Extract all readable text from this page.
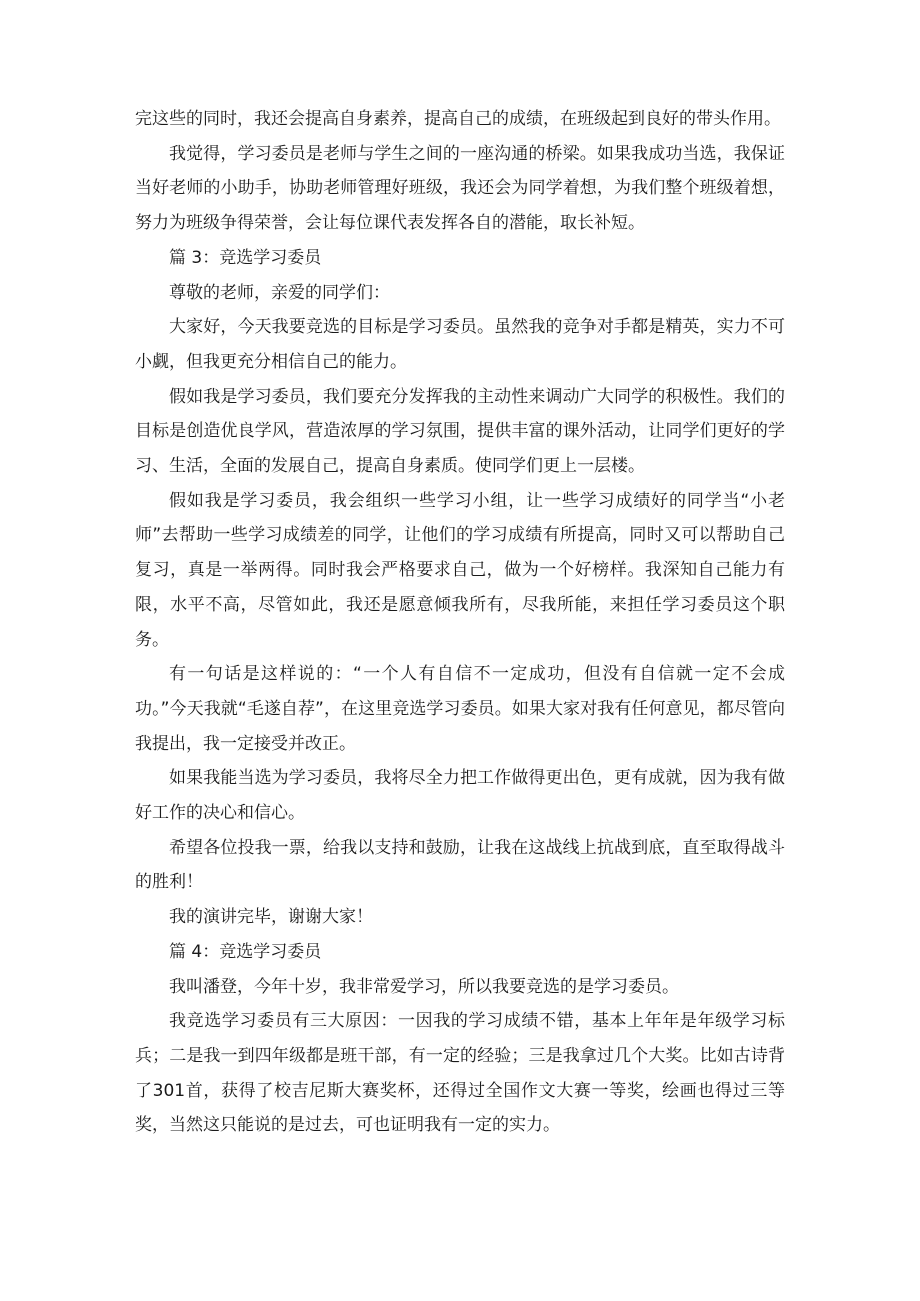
完这些的同时，我还会提高自身素养，提高自己的成绩，在班级起到良好的带头作用。

我觉得，学习委员是老师与学生之间的一座沟通的桥梁。如果我成功当选，我保证当好老师的小助手，协助老师管理好班级，我还会为同学着想，为我们整个班级着想，努力为班级争得荣誉，会让每位课代表发挥各自的潜能，取长补短。

篇 3：竞选学习委员

尊敬的老师，亲爱的同学们：

大家好，今天我要竞选的目标是学习委员。虽然我的竞争对手都是精英，实力不可小觑，但我更充分相信自己的能力。

假如我是学习委员，我们要充分发挥我的主动性来调动广大同学的积极性。我们的目标是创造优良学风，营造浓厚的学习氛围，提供丰富的课外活动，让同学们更好的学习、生活，全面的发展自己，提高自身素质。使同学们更上一层楼。

假如我是学习委员，我会组织一些学习小组，让一些学习成绩好的同学当“小老师”去帮助一些学习成绩差的同学，让他们的学习成绩有所提高，同时又可以帮助自己复习，真是一举两得。同时我会严格要求自己，做为一个好榜样。我深知自己能力有限，水平不高，尽管如此，我还是愿意倾我所有，尽我所能，来担任学习委员这个职务。

有一句话是这样说的：“一个人有自信不一定成功，但没有自信就一定不会成功。”今天我就“毛遂自荐”，在这里竞选学习委员。如果大家对我有任何意见，都尽管向我提出，我一定接受并改正。

如果我能当选为学习委员，我将尽全力把工作做得更出色，更有成就，因为我有做好工作的决心和信心。

希望各位投我一票，给我以支持和鼓励，让我在这战线上抗战到底，直至取得战斗的胜利！

我的演讲完毕，谢谢大家！

篇 4：竞选学习委员

我叫潘登，今年十岁，我非常爱学习，所以我要竞选的是学习委员。

我竞选学习委员有三大原因：一因我的学习成绩不错，基本上年年是年级学习标兵；二是我一到四年级都是班干部，有一定的经验；三是我拿过几个大奖。比如古诗背了301首，获得了校吉尼斯大赛奖杯，还得过全国作文大赛一等奖，绘画也得过三等奖，当然这只能说的是过去，可也证明我有一定的实力。
